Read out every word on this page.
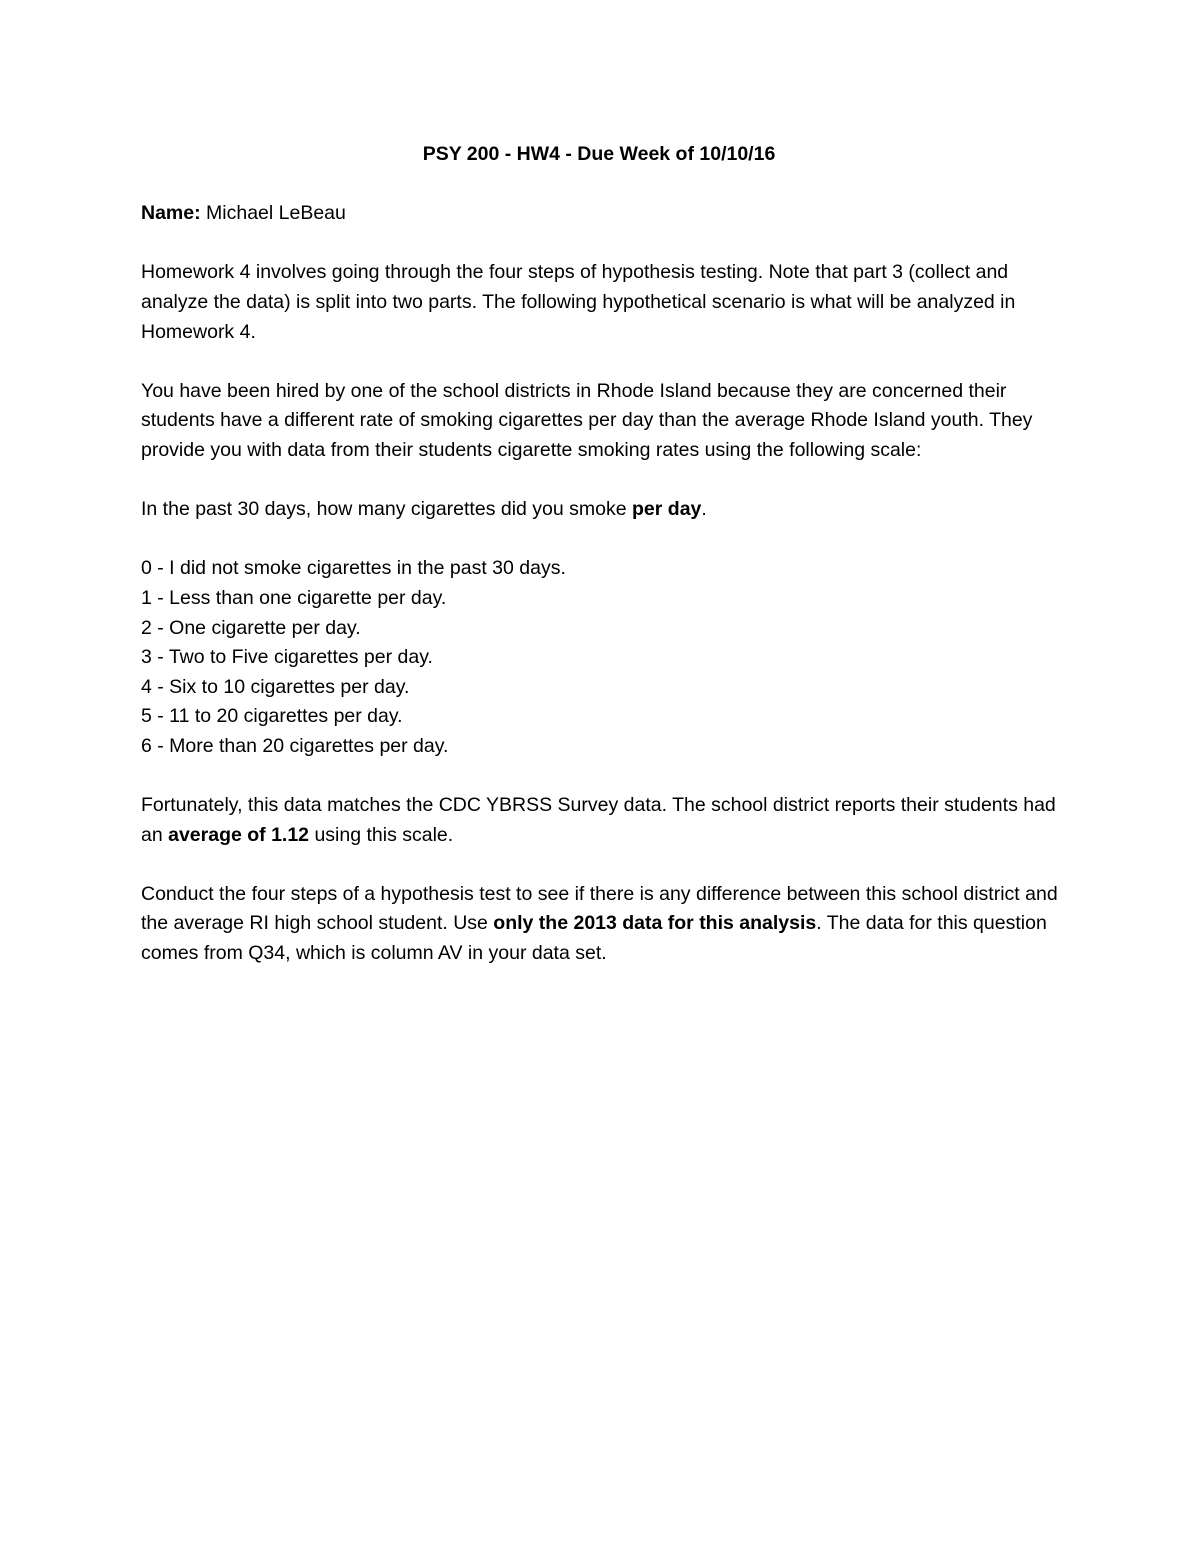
PSY 200 - HW4 - Due Week of 10/10/16

Name: Michael LeBeau

Homework 4 involves going through the four steps of hypothesis testing. Note that part 3 (collect and analyze the data) is split into two parts. The following hypothetical scenario is what will be analyzed in Homework 4.

You have been hired by one of the school districts in Rhode Island because they are concerned their students have a different rate of smoking cigarettes per day than the average Rhode Island youth. They provide you with data from their students cigarette smoking rates using the following scale:

In the past 30 days, how many cigarettes did you smoke per day.

0 - I did not smoke cigarettes in the past 30 days.
1 - Less than one cigarette per day.
2 - One cigarette per day.
3 - Two to Five cigarettes per day.
4 - Six to 10 cigarettes per day.
5 - 11 to 20 cigarettes per day.
6 - More than 20 cigarettes per day.

Fortunately, this data matches the CDC YBRSS Survey data. The school district reports their students had an average of 1.12 using this scale.

Conduct the four steps of a hypothesis test to see if there is any difference between this school district and the average RI high school student. Use only the 2013 data for this analysis. The data for this question comes from Q34, which is column AV in your data set.
